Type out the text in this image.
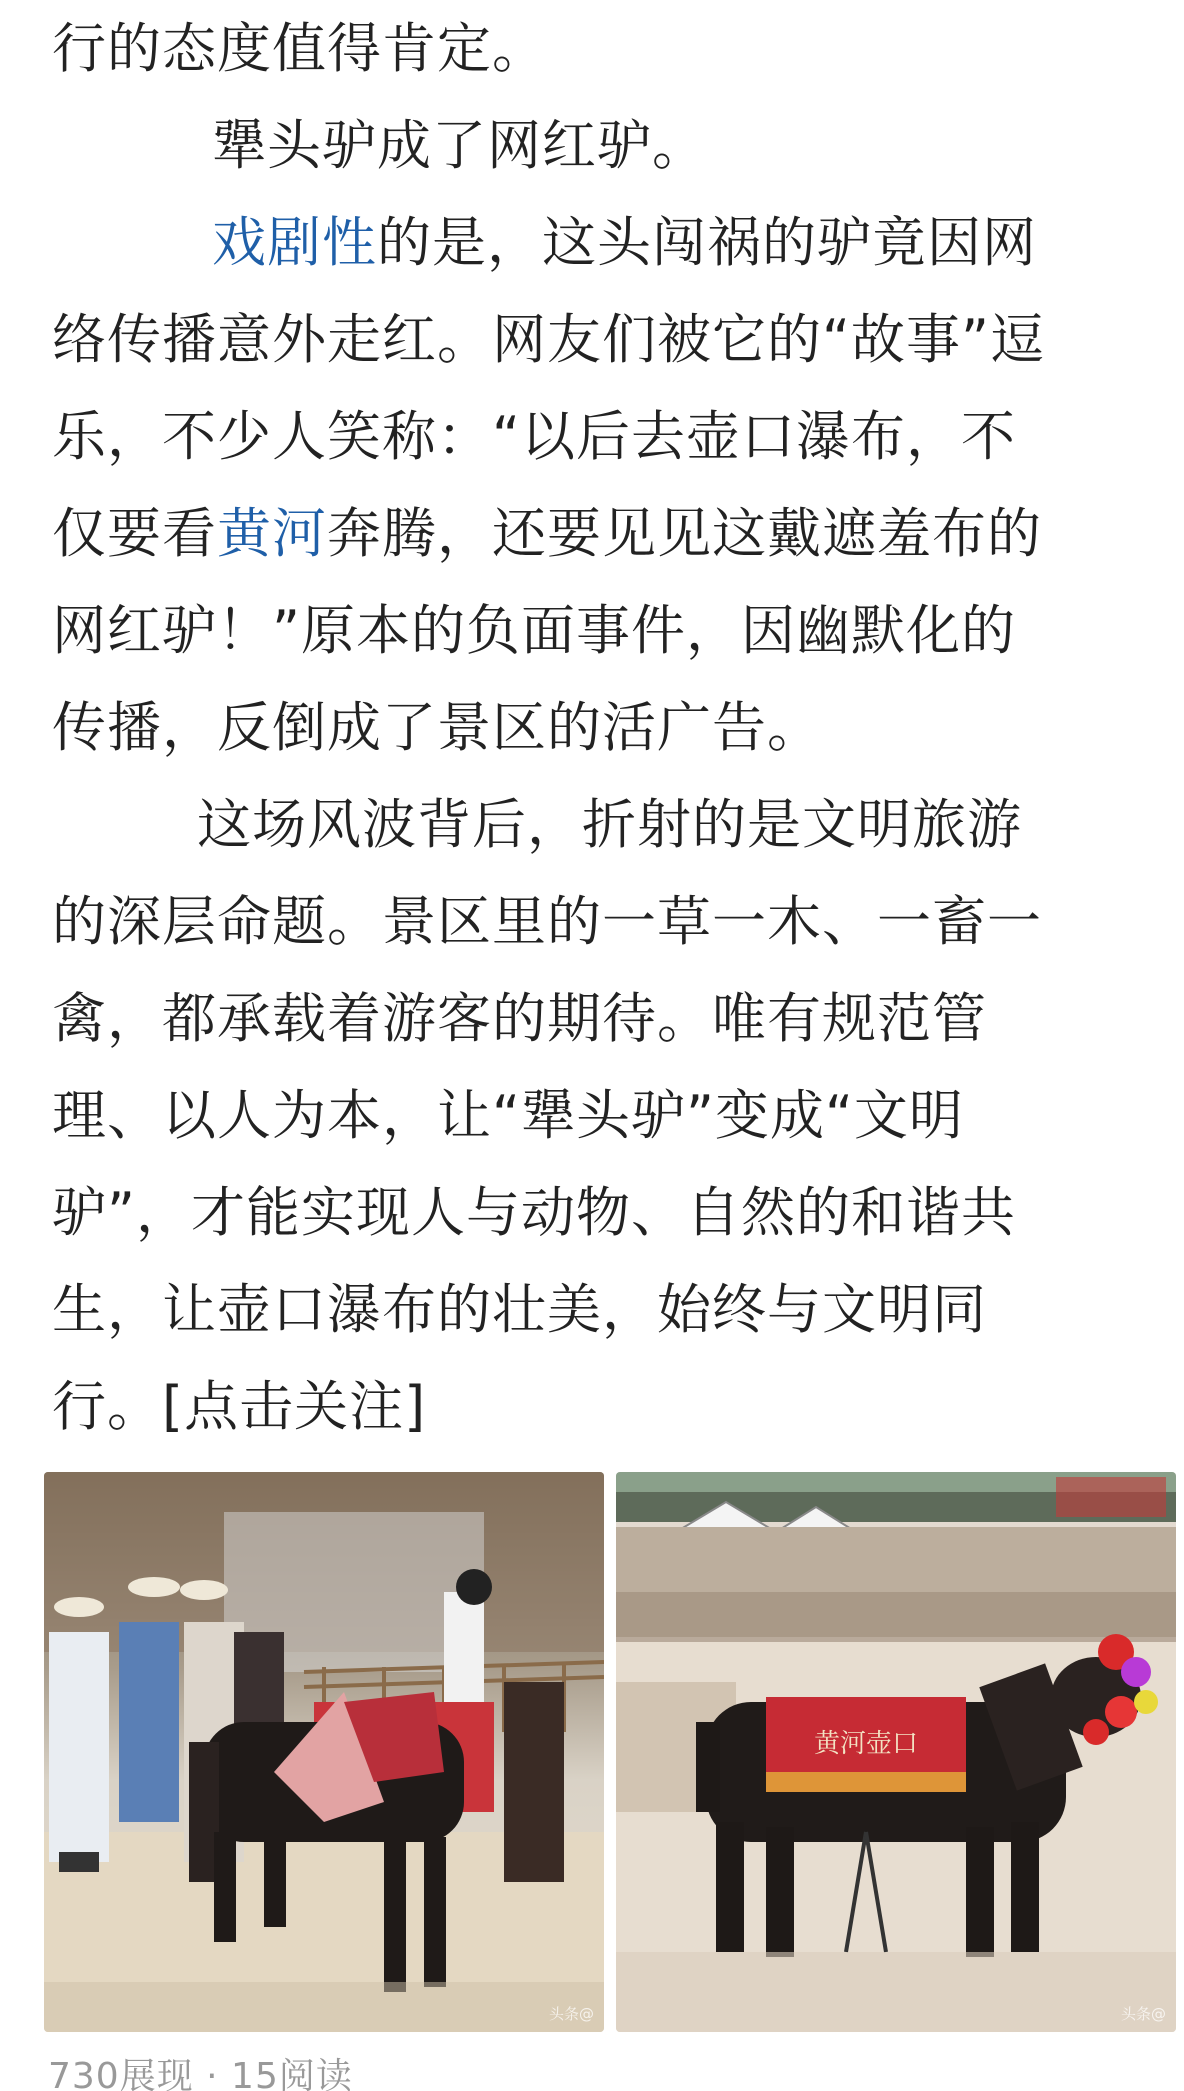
行的态度值得肯定。
犟头驴成了网红驴。
戏剧性的是，这头闯祸的驴竟因网
络传播意外走红。网友们被它的“故事”逗
乐，不少人笑称：“以后去壶口瀑布，不
仅要看黄河奔腾，还要见见这戴遮羞布的
网红驴！”原本的负面事件，因幽默化的
传播，反倒成了景区的活广告。
这场风波背后，折射的是文明旅游
的深层命题。景区里的一草一木、一畜一
禽，都承载着游客的期待。唯有规范管
理、以人为本，让“犟头驴”变成“文明
驴”，才能实现人与动物、自然的和谐共
生，让壶口瀑布的壮美，始终与文明同
行。[点击关注]
头条@
黄河壶口
头条@
730展现 · 15阅读
